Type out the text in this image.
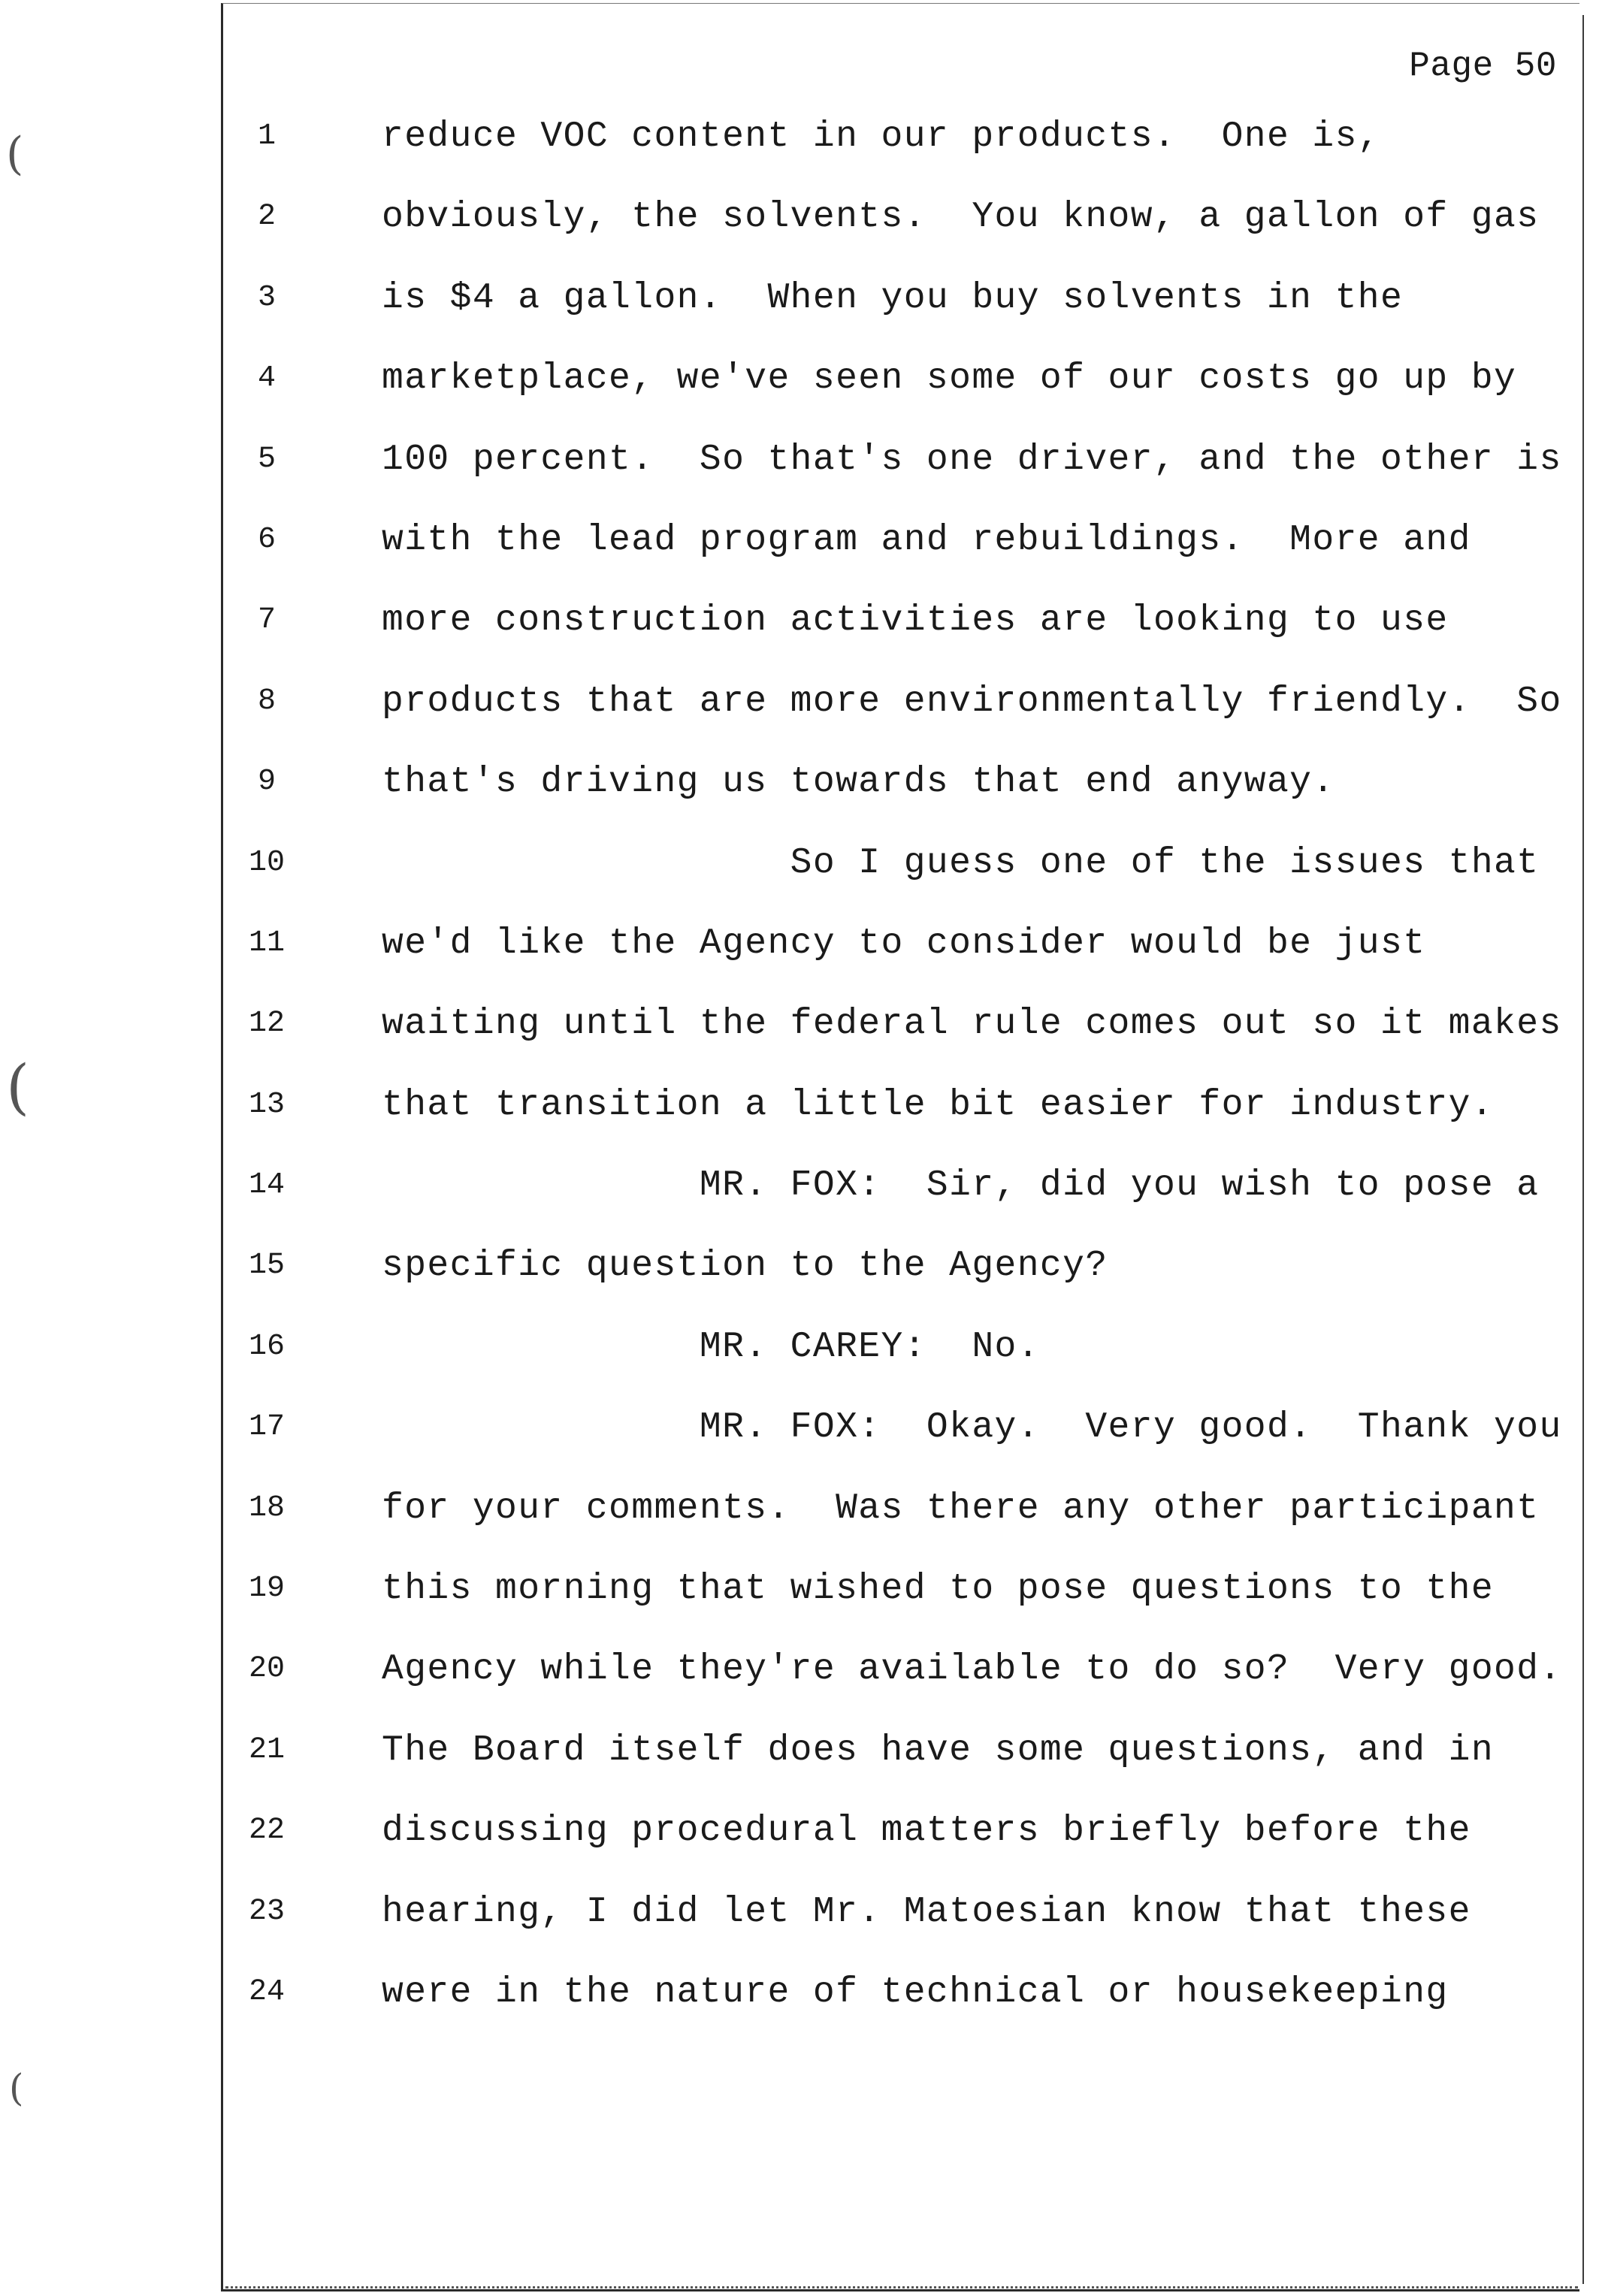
(
(
(
Page 50
1	reduce VOC content in our products.  One is,
2	obviously, the solvents.  You know, a gallon of gas
3	is $4 a gallon.  When you buy solvents in the
4	marketplace, we've seen some of our costs go up by
5	100 percent.  So that's one driver, and the other is
6	with the lead program and rebuildings.  More and
7	more construction activities are looking to use
8	products that are more environmentally friendly.  So
9	that's driving us towards that end anyway.
10	So I guess one of the issues that
11	we'd like the Agency to consider would be just
12	waiting until the federal rule comes out so it makes
13	that transition a little bit easier for industry.
14	MR. FOX:  Sir, did you wish to pose a
15	specific question to the Agency?
16	MR. CAREY:  No.
17	MR. FOX:  Okay.  Very good.  Thank you
18	for your comments.  Was there any other participant
19	this morning that wished to pose questions to the
20	Agency while they're available to do so?  Very good.
21	The Board itself does have some questions, and in
22	discussing procedural matters briefly before the
23	hearing, I did let Mr. Matoesian know that these
24	were in the nature of technical or housekeeping
